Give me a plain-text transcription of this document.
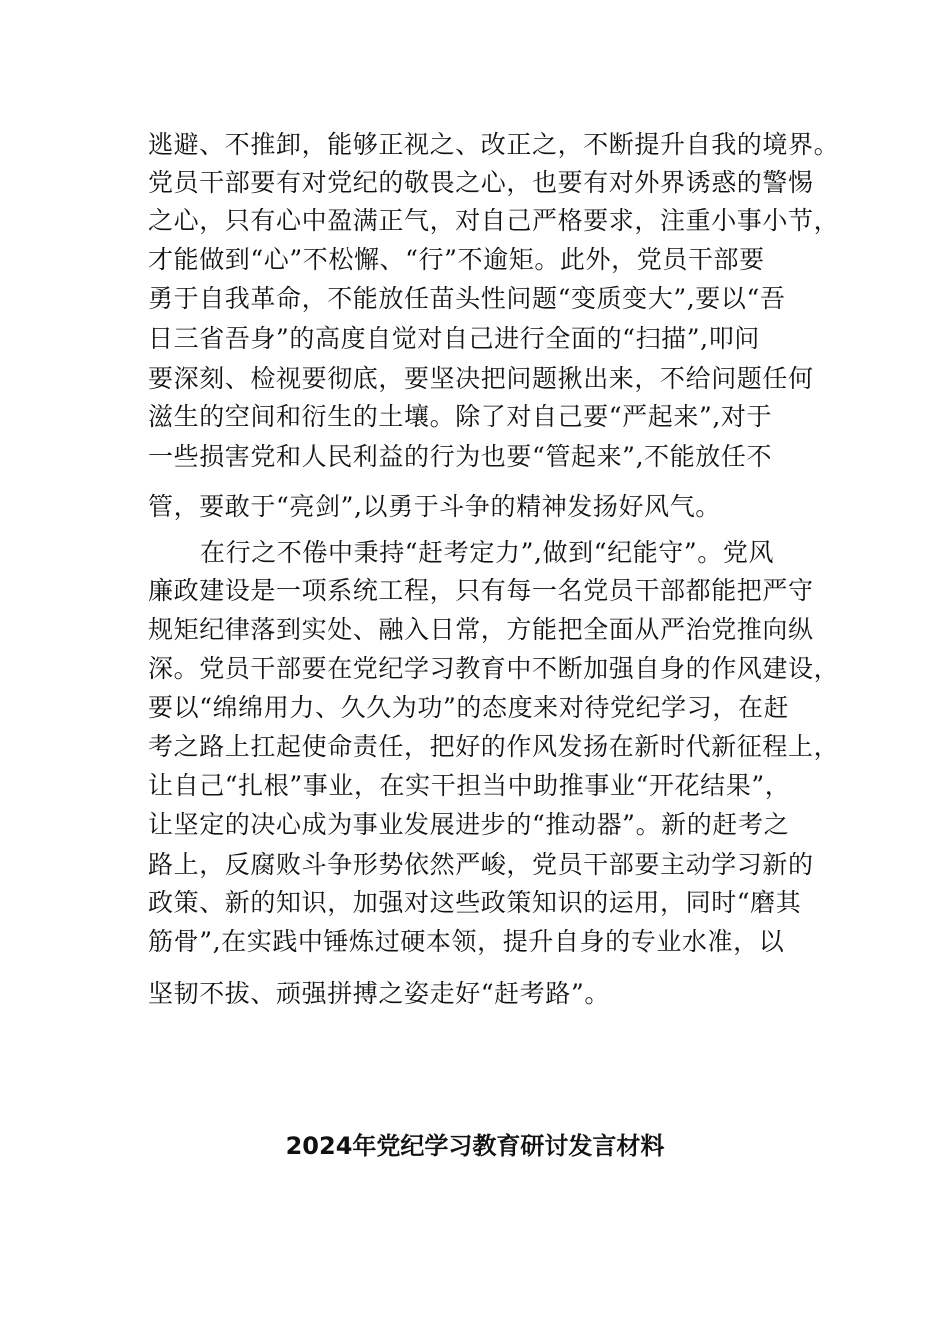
逃避、不推卸，能够正视之、改正之，不断提升自我的境界。
党员干部要有对党纪的敬畏之心，也要有对外界诱惑的警惕
之心，只有心中盈满正气，对自己严格要求，注重小事小节，
才能做到“心”不松懈、“行”不逾矩。此外，党员干部要
勇于自我革命，不能放任苗头性问题“变质变大”,要以“吾
日三省吾身”的高度自觉对自己进行全面的“扫描”,叩问
要深刻、检视要彻底，要坚决把问题揪出来，不给问题任何
滋生的空间和衍生的土壤。除了对自己要“严起来”,对于
一些损害党和人民利益的行为也要“管起来”,不能放任不
管，要敢于“亮剑”,以勇于斗争的精神发扬好风气。
在行之不倦中秉持“赶考定力”,做到“纪能守”。党风
廉政建设是一项系统工程，只有每一名党员干部都能把严守
规矩纪律落到实处、融入日常，方能把全面从严治党推向纵
深。党员干部要在党纪学习教育中不断加强自身的作风建设，
要以“绵绵用力、久久为功”的态度来对待党纪学习，在赶
考之路上扛起使命责任，把好的作风发扬在新时代新征程上，
让自己“扎根”事业，在实干担当中助推事业“开花结果”，
让坚定的决心成为事业发展进步的“推动器”。新的赶考之
路上，反腐败斗争形势依然严峻，党员干部要主动学习新的
政策、新的知识，加强对这些政策知识的运用，同时“磨其
筋骨”,在实践中锤炼过硬本领，提升自身的专业水准，以
坚韧不拔、顽强拼搏之姿走好“赶考路”。
2024年党纪学习教育研讨发言材料
